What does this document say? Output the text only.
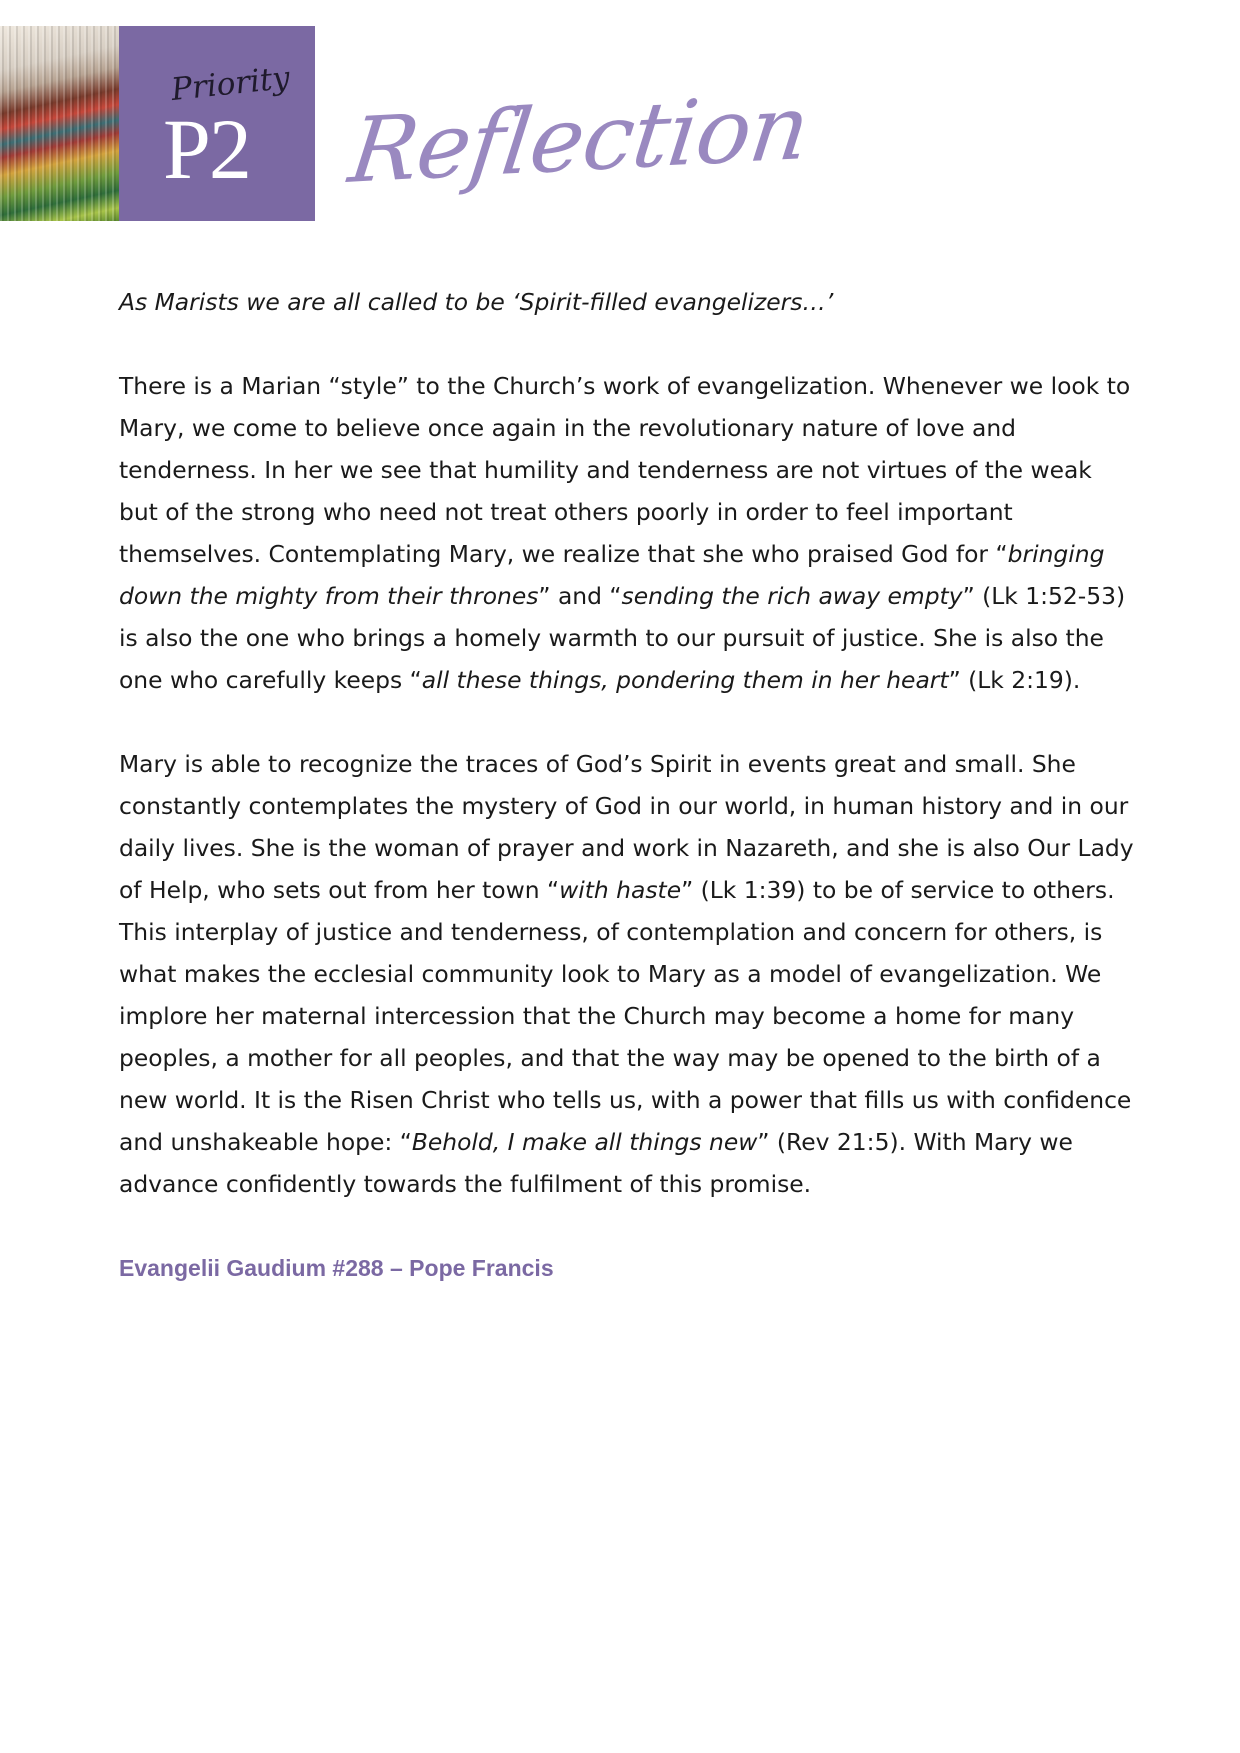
Priority
P2 Reflection

As Marists we are all called to be ‘Spirit-filled evangelizers…’

There is a Marian “style” to the Church’s work of evangelization. Whenever we look to Mary, we come to believe once again in the revolutionary nature of love and tenderness. In her we see that humility and tenderness are not virtues of the weak but of the strong who need not treat others poorly in order to feel important themselves. Contemplating Mary, we realize that she who praised God for “bringing down the mighty from their thrones” and “sending the rich away empty” (Lk 1:52-53) is also the one who brings a homely warmth to our pursuit of justice. She is also the one who carefully keeps “all these things, pondering them in her heart” (Lk 2:19).

Mary is able to recognize the traces of God’s Spirit in events great and small. She constantly contemplates the mystery of God in our world, in human history and in our daily lives. She is the woman of prayer and work in Nazareth, and she is also Our Lady of Help, who sets out from her town “with haste” (Lk 1:39) to be of service to others. This interplay of justice and tenderness, of contemplation and concern for others, is what makes the ecclesial community look to Mary as a model of evangelization. We implore her maternal intercession that the Church may become a home for many peoples, a mother for all peoples, and that the way may be opened to the birth of a new world. It is the Risen Christ who tells us, with a power that fills us with confidence and unshakeable hope: “Behold, I make all things new” (Rev 21:5). With Mary we advance confidently towards the fulfilment of this promise.

Evangelii Gaudium #288 – Pope Francis
